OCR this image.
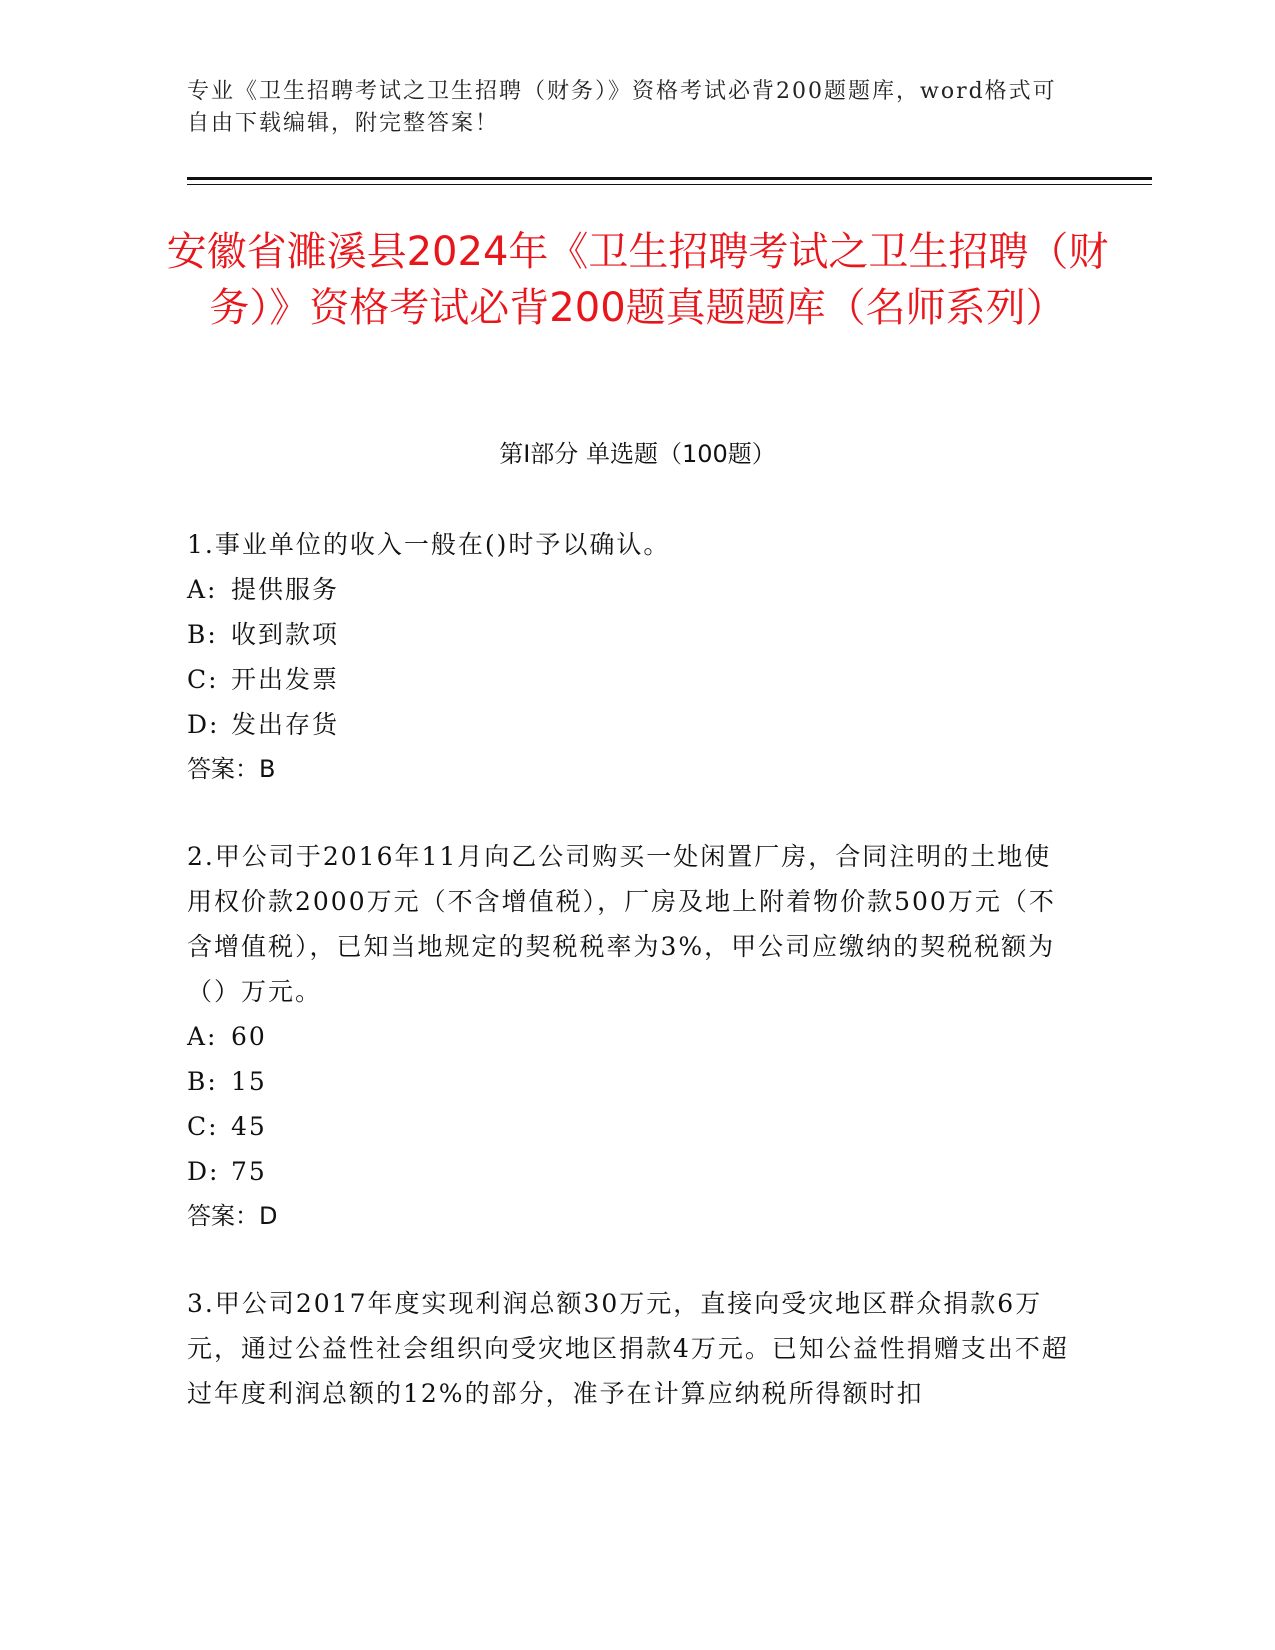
专业《卫生招聘考试之卫生招聘（财务）》资格考试必背200题题库，word格式可自由下载编辑，附完整答案！
安徽省濉溪县2024年《卫生招聘考试之卫生招聘（财务）》资格考试必背200题真题题库（名师系列）
第Ⅰ部分 单选题（100题）

1.事业单位的收入一般在()时予以确认。

A: 提供服务
B: 收到款项
C: 开出发票
D: 发出存货
答案：B

2.甲公司于2016年11月向乙公司购买一处闲置厂房，合同注明的土地使用权价款2000万元（不含增值税），厂房及地上附着物价款500万元（不含增值税），已知当地规定的契税税率为3%，甲公司应缴纳的契税税额为（）万元。

A: 60
B: 15
C: 45
D: 75
答案：D

3.甲公司2017年度实现利润总额30万元，直接向受灾地区群众捐款6万元，通过公益性社会组织向受灾地区捐款4万元。已知公益性捐赠支出不超过年度利润总额的12%的部分，准予在计算应纳税所得额时扣
